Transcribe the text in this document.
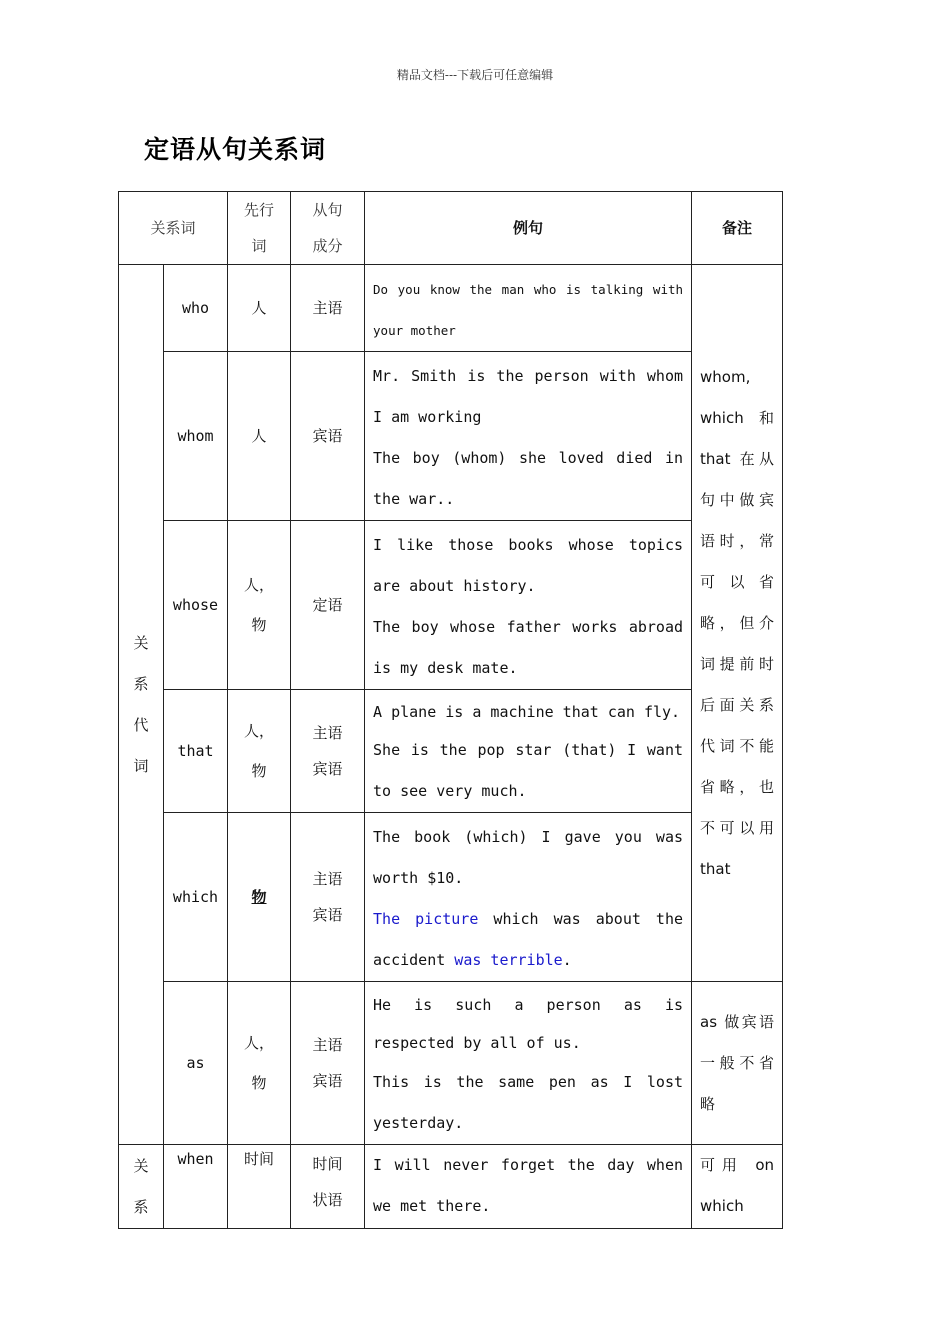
精品文档---下载后可任意编辑
定语从句关系词
关系词		先行词	从句成分	例句	备注
关系代词	who	人	主语	Do you know the man who is talking with your mother	whom, which 和 that 在从句中做宾语时，常可以省略，但介词提前时后面关系代词不能省略，也不可以用 that
	whom	人	宾语	Mr. Smith is the person with whom I am working
The boy (whom) she loved died in the war..	

	whose	人，物	定语	I like those books whose topics are about history.
The boy whose father works abroad is my desk mate.	

	that	人，物	主语宾语	A plane is a machine that can fly.
She is the pop star (that) I want to see very much.	

	which	物	主语宾语	The book (which) I gave you was worth $10.
The picture which was about the accident was terrible.	

	as	人，物	主语宾语	He is such a person as is respected by all of us.
This is the same pen as I lost yesterday.	as 做宾语一般不省略
关系	when	时间	时间状语	I will never forget the day when we met there.	可用 on which
